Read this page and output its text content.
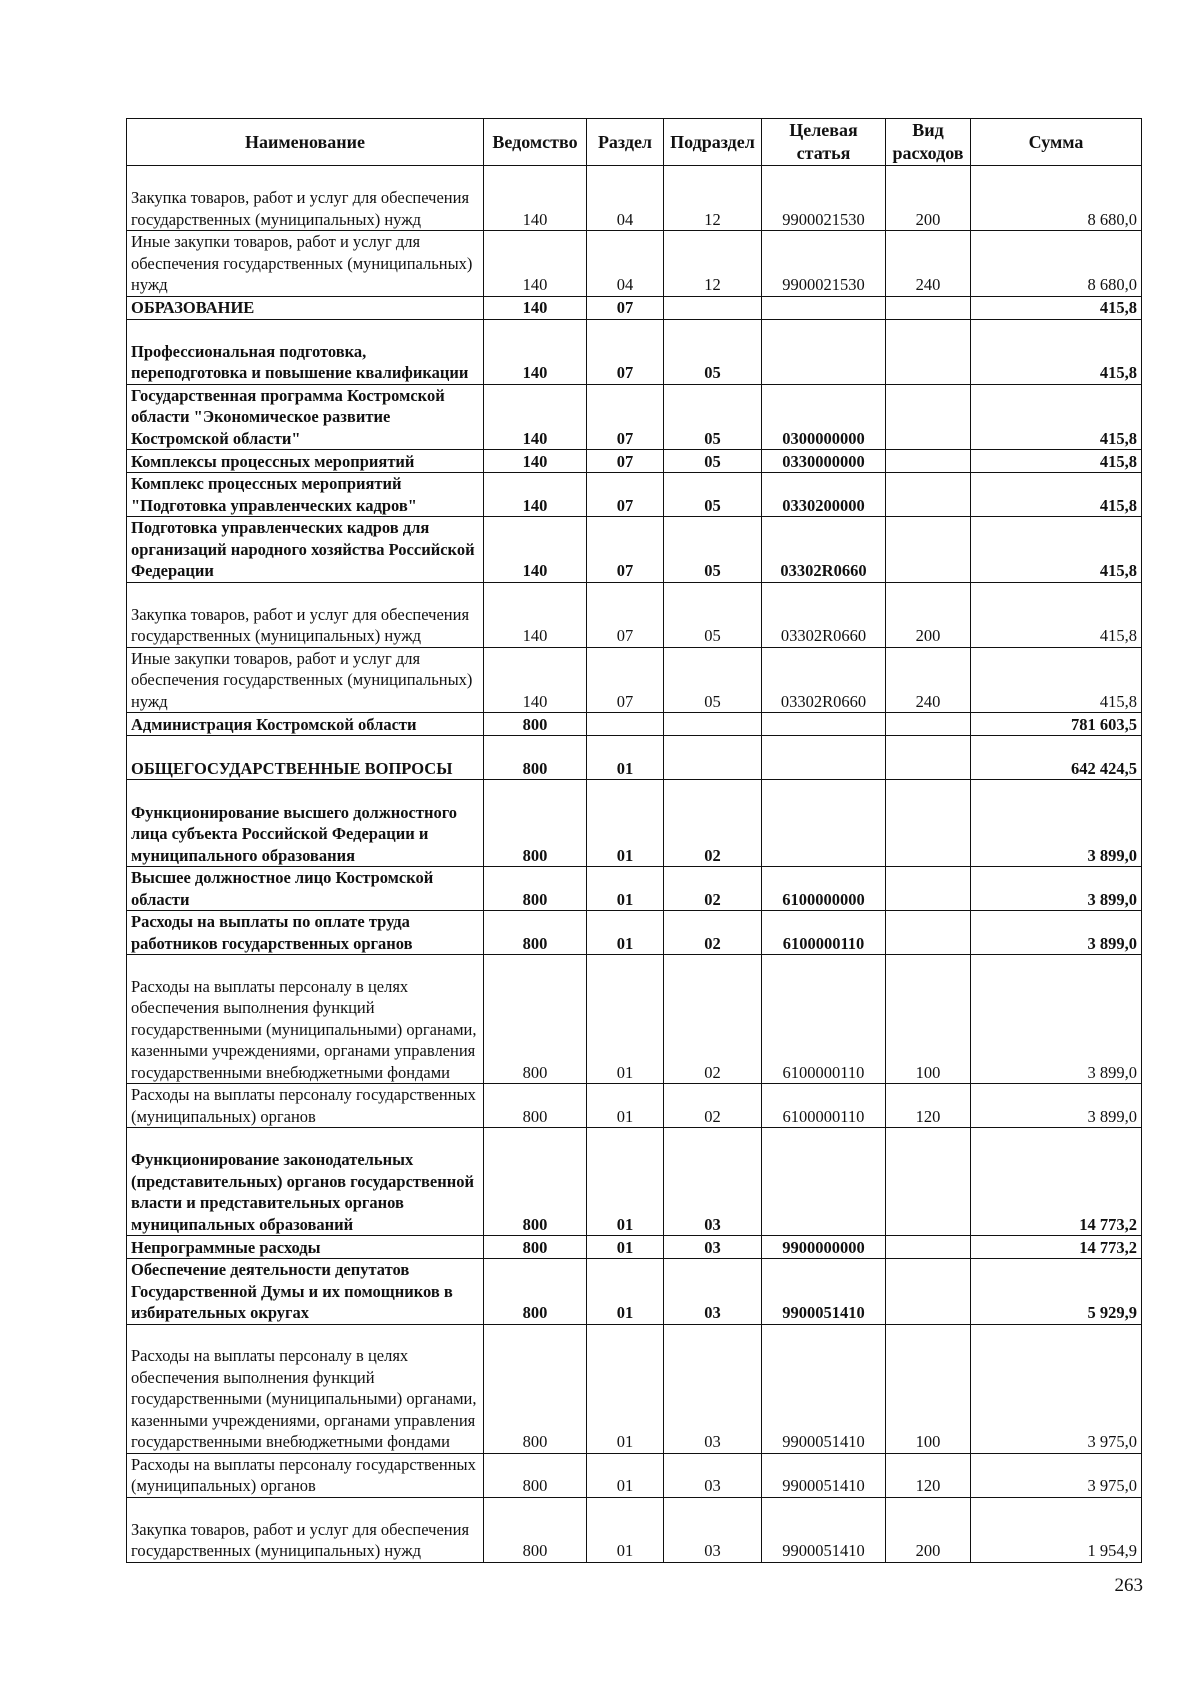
Наименование	Ведомство	Раздел	Подраздел	Целевая статья	Вид расходов	Сумма
Закупка товаров, работ и услуг для обеспечения государственных (муниципальных) нужд	140	04	12	9900021530	200	8 680,0
Иные закупки товаров, работ и услуг для обеспечения государственных (муниципальных) нужд	140	04	12	9900021530	240	8 680,0
ОБРАЗОВАНИЕ	140	07				415,8
Профессиональная подготовка, переподготовка и повышение квалификации	140	07	05			415,8
Государственная программа Костромской области "Экономическое развитие Костромской области"	140	07	05	0300000000		415,8
Комплексы процессных мероприятий	140	07	05	0330000000		415,8
Комплекс процессных мероприятий "Подготовка управленческих кадров"	140	07	05	0330200000		415,8
Подготовка управленческих кадров для организаций народного хозяйства Российской Федерации	140	07	05	03302R0660		415,8
Закупка товаров, работ и услуг для обеспечения государственных (муниципальных) нужд	140	07	05	03302R0660	200	415,8
Иные закупки товаров, работ и услуг для обеспечения государственных (муниципальных) нужд	140	07	05	03302R0660	240	415,8
Администрация Костромской области	800					781 603,5
ОБЩЕГОСУДАРСТВЕННЫЕ ВОПРОСЫ	800	01				642 424,5
Функционирование высшего должностного лица субъекта Российской Федерации и муниципального образования	800	01	02			3 899,0
Высшее должностное лицо Костромской области	800	01	02	6100000000		3 899,0
Расходы на выплаты по оплате труда работников государственных органов	800	01	02	6100000110		3 899,0
Расходы на выплаты персоналу в целях обеспечения выполнения функций государственными (муниципальными) органами, казенными учреждениями, органами управления государственными внебюджетными фондами	800	01	02	6100000110	100	3 899,0
Расходы на выплаты персоналу государственных (муниципальных) органов	800	01	02	6100000110	120	3 899,0
Функционирование законодательных (представительных) органов государственной власти и представительных органов муниципальных образований	800	01	03			14 773,2
Непрограммные расходы	800	01	03	9900000000		14 773,2
Обеспечение деятельности депутатов Государственной Думы и их помощников в избирательных округах	800	01	03	9900051410		5 929,9
Расходы на выплаты персоналу в целях обеспечения выполнения функций государственными (муниципальными) органами, казенными учреждениями, органами управления государственными внебюджетными фондами	800	01	03	9900051410	100	3 975,0
Расходы на выплаты персоналу государственных (муниципальных) органов	800	01	03	9900051410	120	3 975,0
Закупка товаров, работ и услуг для обеспечения государственных (муниципальных) нужд	800	01	03	9900051410	200	1 954,9
263
